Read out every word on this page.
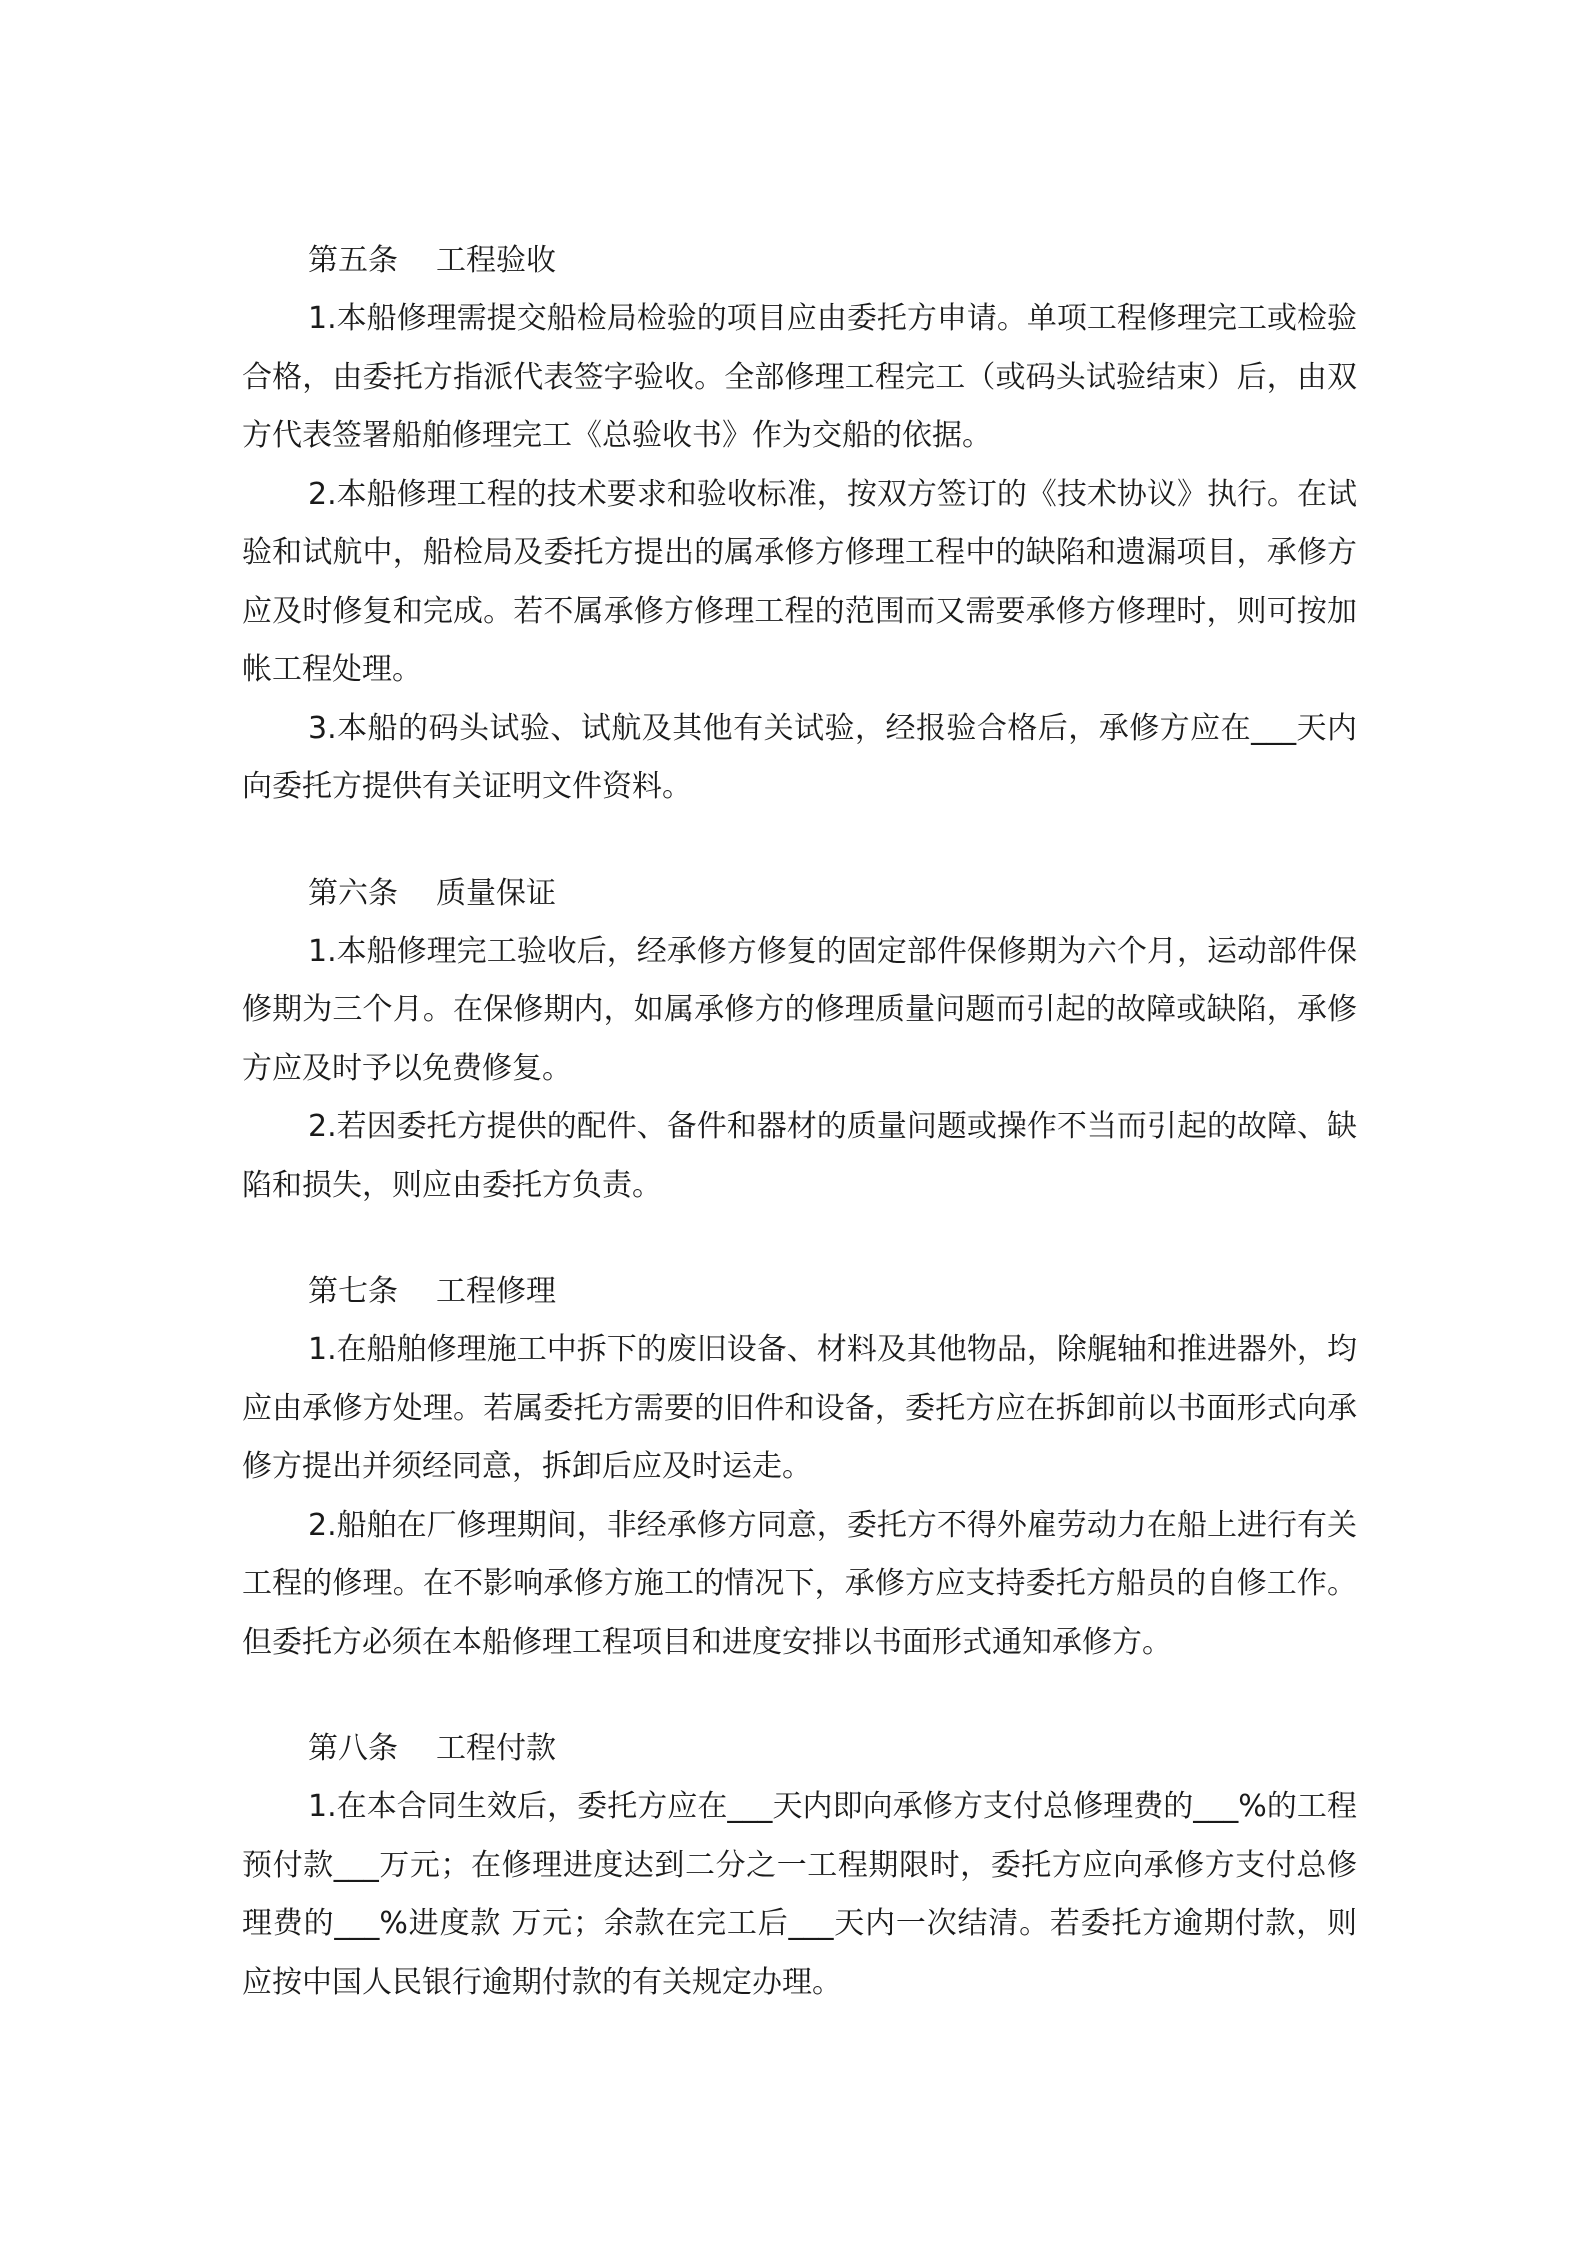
第五条 工程验收

1.本船修理需提交船检局检验的项目应由委托方申请。单项工程修理完工或检验合格，由委托方指派代表签字验收。全部修理工程完工（或码头试验结束）后，由双方代表签署船舶修理完工《总验收书》作为交船的依据。

2.本船修理工程的技术要求和验收标准，按双方签订的《技术协议》执行。在试验和试航中，船检局及委托方提出的属承修方修理工程中的缺陷和遗漏项目，承修方应及时修复和完成。若不属承修方修理工程的范围而又需要承修方修理时，则可按加帐工程处理。

3.本船的码头试验、试航及其他有关试验，经报验合格后，承修方应在___天内向委托方提供有关证明文件资料。

第六条 质量保证

1.本船修理完工验收后，经承修方修复的固定部件保修期为六个月，运动部件保修期为三个月。在保修期内，如属承修方的修理质量问题而引起的故障或缺陷，承修方应及时予以免费修复。

2.若因委托方提供的配件、备件和器材的质量问题或操作不当而引起的故障、缺陷和损失，则应由委托方负责。

第七条 工程修理

1.在船舶修理施工中拆下的废旧设备、材料及其他物品，除艉轴和推进器外，均应由承修方处理。若属委托方需要的旧件和设备，委托方应在拆卸前以书面形式向承修方提出并须经同意，拆卸后应及时运走。

2.船舶在厂修理期间，非经承修方同意，委托方不得外雇劳动力在船上进行有关工程的修理。在不影响承修方施工的情况下，承修方应支持委托方船员的自修工作。但委托方必须在本船修理工程项目和进度安排以书面形式通知承修方。

第八条 工程付款

1.在本合同生效后，委托方应在___天内即向承修方支付总修理费的___%的工程预付款___万元；在修理进度达到二分之一工程期限时，委托方应向承修方支付总修理费的___%进度款 万元；余款在完工后___天内一次结清。若委托方逾期付款，则应按中国人民银行逾期付款的有关规定办理。
